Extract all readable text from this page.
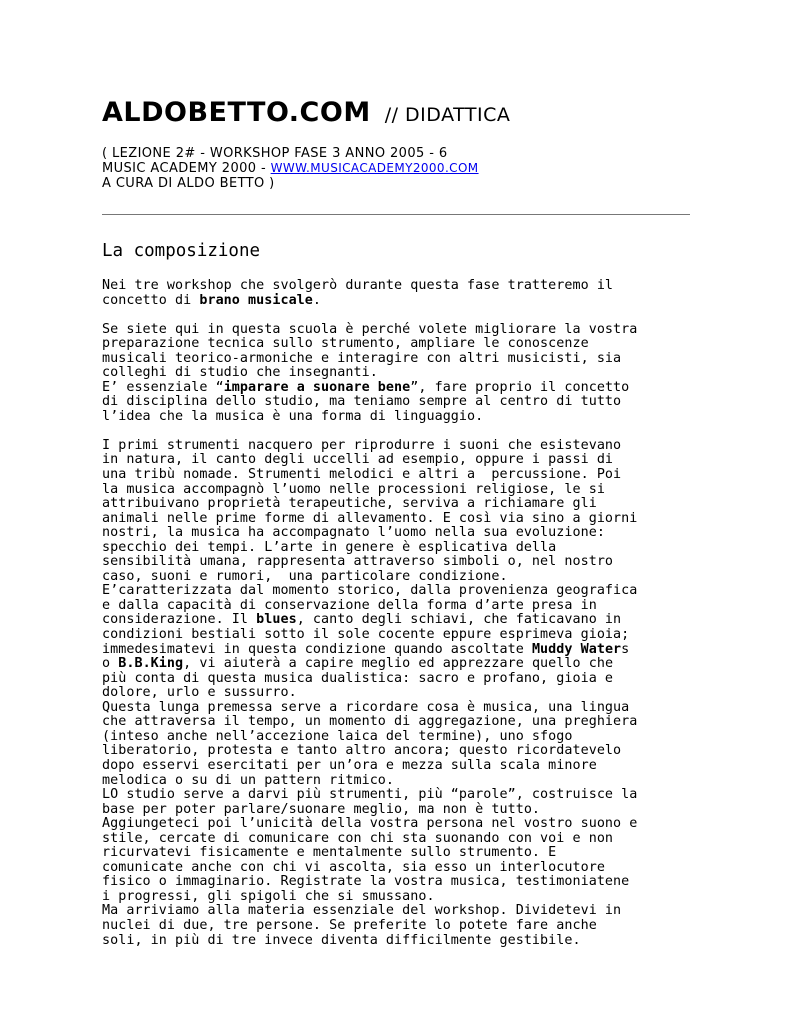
ALDOBETTO.COM // DIDATTICA
( LEZIONE 2# - WORKSHOP FASE 3 ANNO 2005 - 6
MUSIC ACADEMY 2000 - WWW.MUSICACADEMY2000.COM
A CURA DI ALDO BETTO )
La composizione
Nei tre workshop che svolgerò durante questa fase tratteremo il
concetto di brano musicale.
Se siete qui in questa scuola è perché volete migliorare la vostra
preparazione tecnica sullo strumento, ampliare le conoscenze
musicali teorico-armoniche e interagire con altri musicisti, sia
colleghi di studio che insegnanti.
E’ essenziale “imparare a suonare bene”, fare proprio il concetto
di disciplina dello studio, ma teniamo sempre al centro di tutto
l’idea che la musica è una forma di linguaggio.
I primi strumenti nacquero per riprodurre i suoni che esistevano
in natura, il canto degli uccelli ad esempio, oppure i passi di
una tribù nomade. Strumenti melodici e altri a  percussione. Poi
la musica accompagnò l’uomo nelle processioni religiose, le si
attribuivano proprietà terapeutiche, serviva a richiamare gli
animali nelle prime forme di allevamento. E così via sino a giorni
nostri, la musica ha accompagnato l’uomo nella sua evoluzione:
specchio dei tempi. L’arte in genere è esplicativa della
sensibilità umana, rappresenta attraverso simboli o, nel nostro
caso, suoni e rumori,  una particolare condizione.
E’caratterizzata dal momento storico, dalla provenienza geografica
e dalla capacità di conservazione della forma d’arte presa in
considerazione. Il blues, canto degli schiavi, che faticavano in
condizioni bestiali sotto il sole cocente eppure esprimeva gioia;
immedesimatevi in questa condizione quando ascoltate Muddy Waters
o B.B.King, vi aiuterà a capire meglio ed apprezzare quello che
più conta di questa musica dualistica: sacro e profano, gioia e
dolore, urlo e sussurro.
Questa lunga premessa serve a ricordare cosa è musica, una lingua
che attraversa il tempo, un momento di aggregazione, una preghiera
(inteso anche nell’accezione laica del termine), uno sfogo
liberatorio, protesta e tanto altro ancora; questo ricordatevelo
dopo esservi esercitati per un’ora e mezza sulla scala minore
melodica o su di un pattern ritmico.
LO studio serve a darvi più strumenti, più “parole”, costruisce la
base per poter parlare/suonare meglio, ma non è tutto.
Aggiungeteci poi l’unicità della vostra persona nel vostro suono e
stile, cercate di comunicare con chi sta suonando con voi e non
ricurvatevi fisicamente e mentalmente sullo strumento. E
comunicate anche con chi vi ascolta, sia esso un interlocutore
fisico o immaginario. Registrate la vostra musica, testimoniatene
i progressi, gli spigoli che si smussano.
Ma arriviamo alla materia essenziale del workshop. Dividetevi in
nuclei di due, tre persone. Se preferite lo potete fare anche
soli, in più di tre invece diventa difficilmente gestibile.
